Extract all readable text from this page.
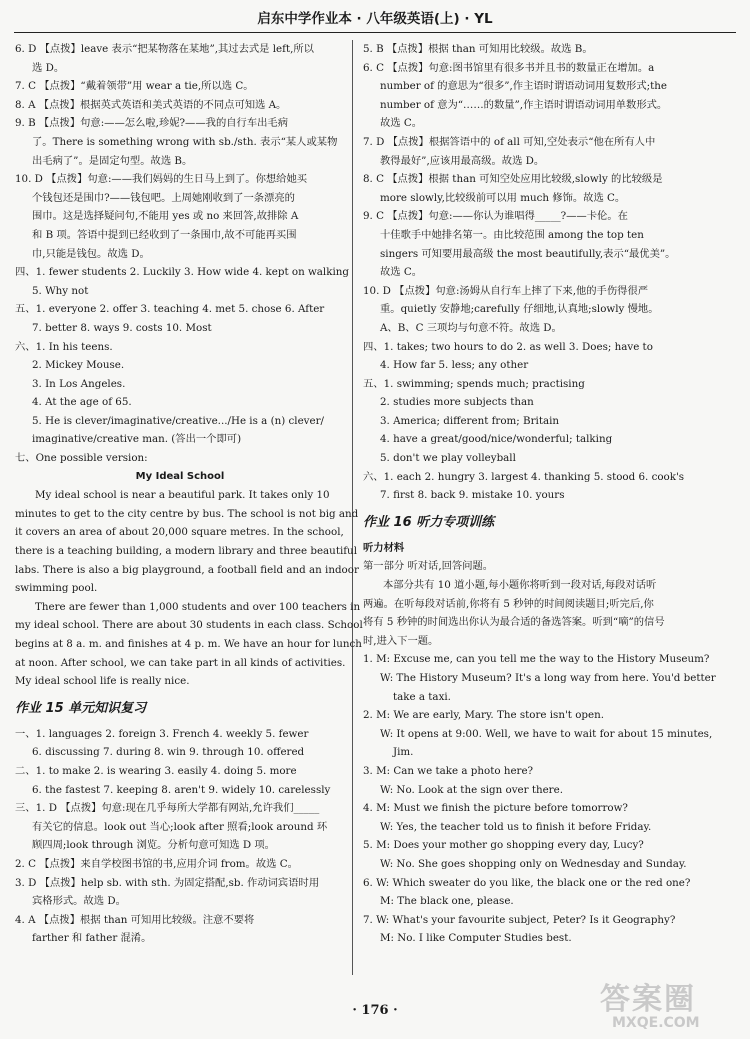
启东中学作业本 · 八年级英语(上) · YL
6. D 【点拨】leave 表示“把某物落在某地”,其过去式是 left,所以
选 D。
7. C 【点拨】“戴着领带”用 wear a tie,所以选 C。
8. A 【点拨】根据英式英语和美式英语的不同点可知选 A。
9. B 【点拨】句意:——怎么啦,珍妮?——我的自行车出毛病
了。There is something wrong with sb./sth. 表示“某人或某物
出毛病了”。是固定句型。故选 B。
10. D 【点拨】句意:——我们妈妈的生日马上到了。你想给她买
个钱包还是围巾?——钱包吧。上周她刚收到了一条漂亮的
围巾。这是选择疑问句,不能用 yes 或 no 来回答,故排除 A
和 B 项。答语中提到已经收到了一条围巾,故不可能再买围
巾,只能是钱包。故选 D。
四、1. fewer students 2. Luckily 3. How wide 4. kept on walking
5. Why not
五、1. everyone 2. offer 3. teaching 4. met 5. chose 6. After
7. better 8. ways 9. costs 10. Most
六、1. In his teens.
2. Mickey Mouse.
3. In Los Angeles.
4. At the age of 65.
5. He is clever/imaginative/creative.../He is a (n) clever/
imaginative/creative man. (答出一个即可)
七、One possible version:
My Ideal School
My ideal school is near a beautiful park. It takes only 10
minutes to get to the city centre by bus. The school is not big and
it covers an area of about 20,000 square metres. In the school,
there is a teaching building, a modern library and three beautiful
labs. There is also a big playground, a football field and an indoor
swimming pool.
There are fewer than 1,000 students and over 100 teachers in
my ideal school. There are about 30 students in each class. School
begins at 8 a. m. and finishes at 4 p. m. We have an hour for lunch
at noon. After school, we can take part in all kinds of activities.
My ideal school life is really nice.
作业 15 单元知识复习
一、1. languages 2. foreign 3. French 4. weekly 5. fewer
6. discussing 7. during 8. win 9. through 10. offered
二、1. to make 2. is wearing 3. easily 4. doing 5. more
6. the fastest 7. keeping 8. aren't 9. widely 10. carelessly
三、1. D 【点拨】句意:现在几乎每所大学都有网站,允许我们_____
有关它的信息。look out 当心;look after 照看;look around 环
顾四周;look through 浏览。分析句意可知选 D 项。
2. C 【点拨】来自学校图书馆的书,应用介词 from。故选 C。
3. D 【点拨】help sb. with sth. 为固定搭配,sb. 作动词宾语时用
宾格形式。故选 D。
4. A 【点拨】根据 than 可知用比较级。注意不要将
farther 和 father 混淆。
5. B 【点拨】根据 than 可知用比较级。故选 B。
6. C 【点拨】句意:图书馆里有很多书并且书的数量正在增加。a
number of 的意思为“很多”,作主语时谓语动词用复数形式;the
number of 意为“……的数量”,作主语时谓语动词用单数形式。
故选 C。
7. D 【点拨】根据答语中的 of all 可知,空处表示“他在所有人中
教得最好”,应该用最高级。故选 D。
8. C 【点拨】根据 than 可知空处应用比较级,slowly 的比较级是
more slowly,比较级前可以用 much 修饰。故选 C。
9. C 【点拨】句意:——你认为谁唱得_____?——卡伦。在
十佳歌手中她排名第一。由比较范围 among the top ten
singers 可知要用最高级 the most beautifully,表示“最优美”。
故选 C。
10. D 【点拨】句意:汤姆从自行车上摔了下来,他的手伤得很严
重。quietly 安静地;carefully 仔细地,认真地;slowly 慢地。
A、B、C 三项均与句意不符。故选 D。
四、1. takes; two hours to do 2. as well 3. Does; have to
4. How far 5. less; any other
五、1. swimming; spends much; practising
2. studies more subjects than
3. America; different from; Britain
4. have a great/good/nice/wonderful; talking
5. don't we play volleyball
六、1. each 2. hungry 3. largest 4. thanking 5. stood 6. cook's
7. first 8. back 9. mistake 10. yours
作业 16 听力专项训练
听力材料
第一部分 听对话,回答问题。
本部分共有 10 道小题,每小题你将听到一段对话,每段对话听
两遍。在听每段对话前,你将有 5 秒钟的时间阅读题目;听完后,你
将有 5 秒钟的时间选出你认为最合适的备选答案。听到“嘀”的信号
时,进入下一题。
1. M: Excuse me, can you tell me the way to the History Museum?
W: The History Museum? It's a long way from here. You'd better
take a taxi.
2. M: We are early, Mary. The store isn't open.
W: It opens at 9:00. Well, we have to wait for about 15 minutes,
Jim.
3. M: Can we take a photo here?
W: No. Look at the sign over there.
4. M: Must we finish the picture before tomorrow?
W: Yes, the teacher told us to finish it before Friday.
5. M: Does your mother go shopping every day, Lucy?
W: No. She goes shopping only on Wednesday and Sunday.
6. W: Which sweater do you like, the black one or the red one?
M: The black one, please.
7. W: What's your favourite subject, Peter? Is it Geography?
M: No. I like Computer Studies best.
· 176 ·	答案圈
MXQE.COM
